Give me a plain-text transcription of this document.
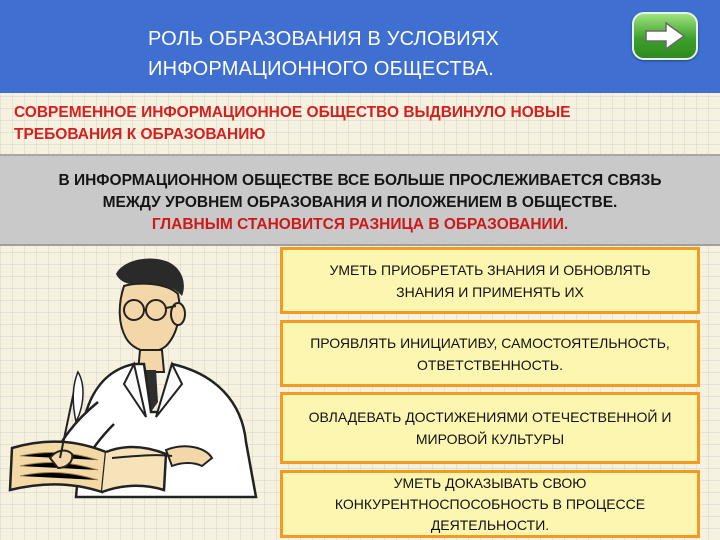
РОЛЬ ОБРАЗОВАНИЯ В УСЛОВИЯХ
ИНФОРМАЦИОННОГО ОБЩЕСТВА.
СОВРЕМЕННОЕ ИНФОРМАЦИОННОЕ ОБЩЕСТВО ВЫДВИНУЛО НОВЫЕ
ТРЕБОВАНИЯ К ОБРАЗОВАНИЮ
В ИНФОРМАЦИОННОМ ОБЩЕСТВЕ ВСЕ БОЛЬШЕ ПРОСЛЕЖИВАЕТСЯ СВЯЗЬ
МЕЖДУ УРОВНЕМ ОБРАЗОВАНИЯ И ПОЛОЖЕНИЕМ В ОБЩЕСТВЕ.
ГЛАВНЫМ СТАНОВИТСЯ РАЗНИЦА В ОБРАЗОВАНИИ.
УМЕТЬ ПРИОБРЕТАТЬ ЗНАНИЯ И ОБНОВЛЯТЬ
ЗНАНИЯ И ПРИМЕНЯТЬ ИХ
ПРОЯВЛЯТЬ ИНИЦИАТИВУ, САМОСТОЯТЕЛЬНОСТЬ,
ОТВЕТСТВЕННОСТЬ.
ОВЛАДЕВАТЬ ДОСТИЖЕНИЯМИ ОТЕЧЕСТВЕННОЙ И
МИРОВОЙ КУЛЬТУРЫ
УМЕТЬ ДОКАЗЫВАТЬ СВОЮ
КОНКУРЕНТНОСПОСОБНОСТЬ В ПРОЦЕССЕ
ДЕЯТЕЛЬНОСТИ.
